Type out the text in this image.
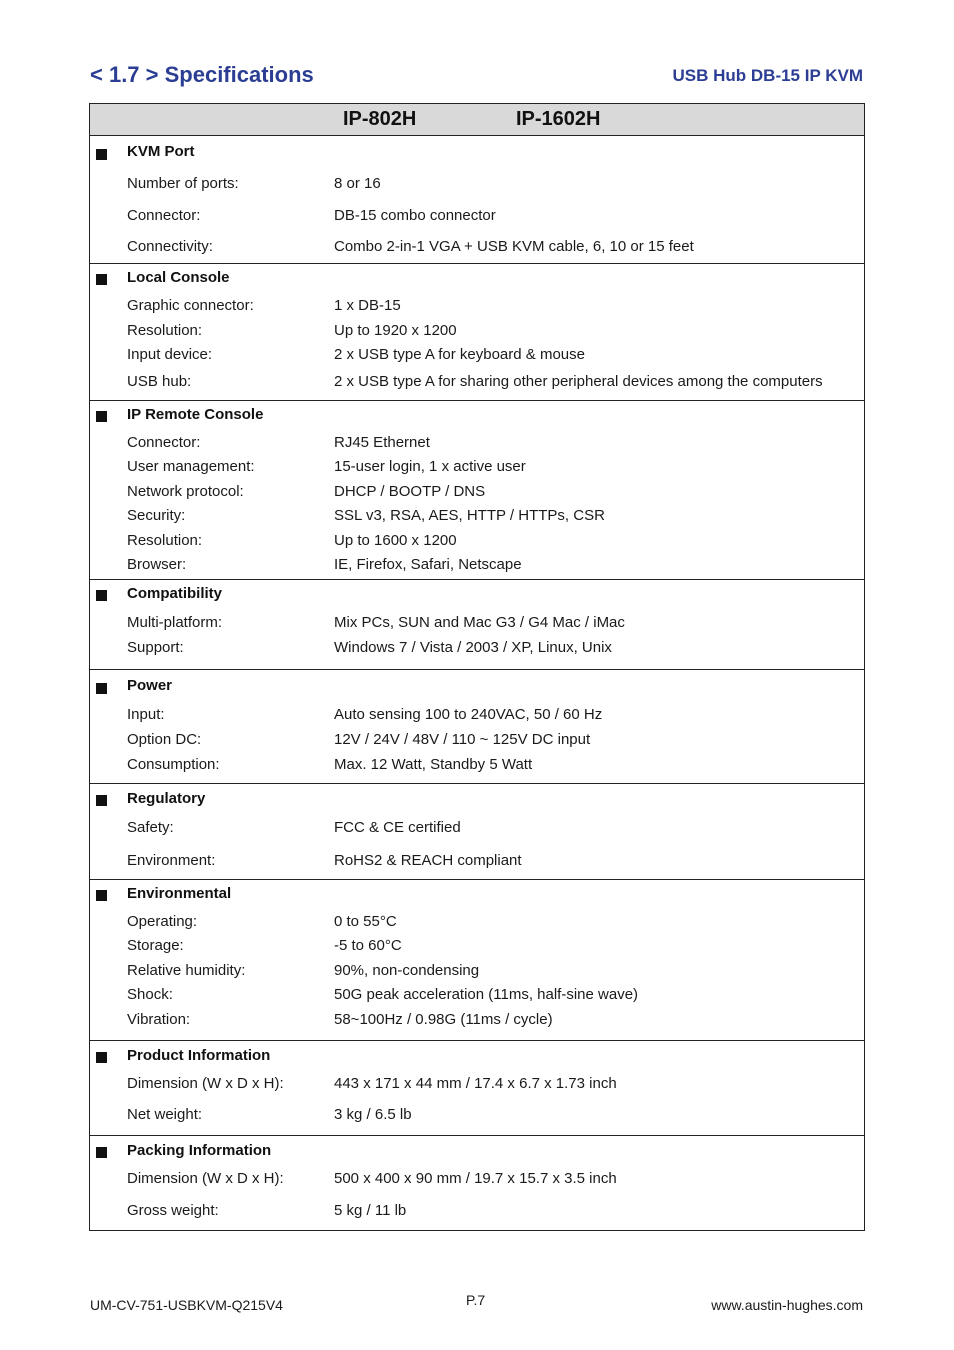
< 1.7 > Specifications	USB Hub DB-15 IP KVM
IP-802H	IP-1602H
KVM Port
Number of ports:	8 or 16
Connector:	DB-15 combo connector
Connectivity:	Combo 2-in-1 VGA + USB KVM cable, 6, 10 or 15 feet
Local Console
Graphic connector:	1 x DB-15
Resolution:	Up to 1920 x 1200
Input device:	2 x USB type A for keyboard & mouse
USB hub:	2 x USB type A for sharing other peripheral devices among the computers
IP Remote Console
Connector:	RJ45 Ethernet
User management:	15-user login, 1 x active user
Network protocol:	DHCP / BOOTP / DNS
Security:	SSL v3, RSA, AES, HTTP / HTTPs, CSR
Resolution:	Up to 1600 x 1200
Browser:	IE, Firefox, Safari, Netscape
Compatibility
Multi-platform:	Mix PCs, SUN and Mac G3 / G4 Mac / iMac
Support:	Windows 7 / Vista / 2003 / XP, Linux, Unix
Power
Input:	Auto sensing 100 to 240VAC, 50 / 60 Hz
Option DC:	12V / 24V / 48V / 110 ~ 125V DC input
Consumption:	Max. 12 Watt, Standby 5 Watt
Regulatory
Safety:	FCC & CE certified
Environment:	RoHS2 & REACH compliant
Environmental
Operating:	0 to 55°C
Storage:	-5 to 60°C
Relative humidity:	90%, non-condensing
Shock:	50G peak acceleration (11ms, half-sine wave)
Vibration:	58~100Hz / 0.98G (11ms / cycle)
Product Information
Dimension (W x D x H):	443 x 171 x 44 mm / 17.4 x 6.7 x 1.73 inch
Net weight:	3 kg / 6.5 lb
Packing Information
Dimension (W x D x H):	500 x 400 x 90 mm / 19.7 x 15.7 x 3.5 inch
Gross weight:	5 kg / 11 lb
UM-CV-751-USBKVM-Q215V4	P.7	www.austin-hughes.com
